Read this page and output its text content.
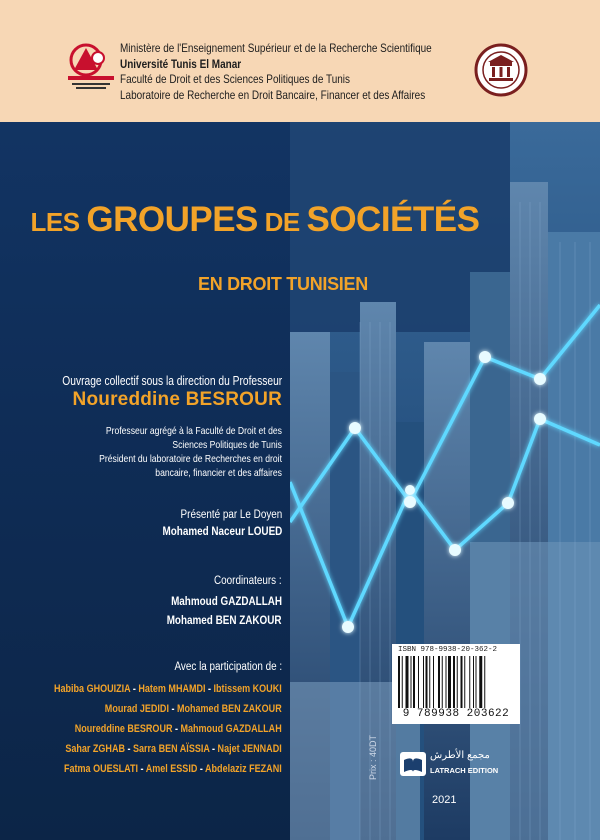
Ministère de l'Enseignement Supérieur et de la Recherche Scientifique
Université Tunis El Manar
Faculté de Droit et des Sciences Politiques de Tunis
Laboratoire de Recherche en Droit Bancaire, Financer et des Affaires
LES GROUPES DE SOCIÉTÉS
EN DROIT TUNISIEN
Ouvrage collectif sous la direction du Professeur
Noureddine BESROUR
Professeur agrégé à la Faculté de Droit et des
Sciences Politiques de Tunis
Président du laboratoire de Recherches en droit
bancaire, financier et des affaires
Présenté par Le Doyen
Mohamed Naceur LOUED
Coordinateurs :
Mahmoud GAZDALLAH
Mohamed BEN ZAKOUR
Avec la participation de :
Habiba GHOUIZIA - Hatem MHAMDI - Ibtissem KOUKI
Mourad JEDIDI - Mohamed BEN ZAKOUR
Noureddine BESROUR - Mahmoud GAZDALLAH
Sahar ZGHAB - Sarra BEN AÏSSIA - Najet JENNADI
Fatma OUESLATI - Amel ESSID - Abdelaziz FEZANI
ISBN 978-9938-20-362-2
9 789938 203622
مجمع الأطرش
LATRACH EDITION
2021
Prix : 40DT
